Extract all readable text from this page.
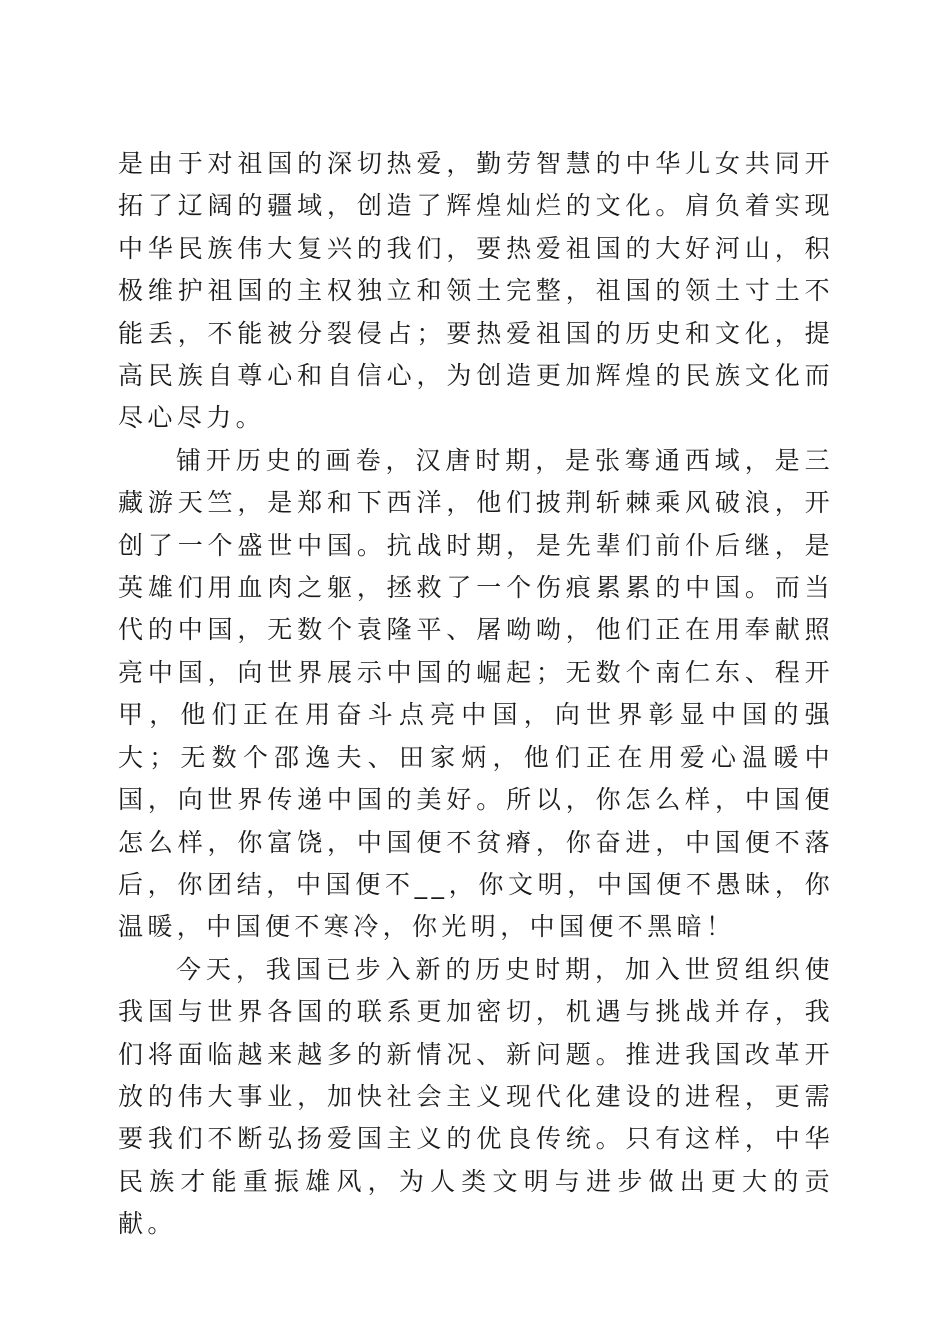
是由于对祖国的深切热爱，勤劳智慧的中华儿女共同开拓了辽阔的疆域，创造了辉煌灿烂的文化。肩负着实现中华民族伟大复兴的我们，要热爱祖国的大好河山，积极维护祖国的主权独立和领土完整，祖国的领土寸土不能丢，不能被分裂侵占；要热爱祖国的历史和文化，提高民族自尊心和自信心，为创造更加辉煌的民族文化而尽心尽力。

铺开历史的画卷，汉唐时期，是张骞通西域，是三藏游天竺，是郑和下西洋，他们披荆斩棘乘风破浪，开创了一个盛世中国。抗战时期，是先辈们前仆后继，是英雄们用血肉之躯，拯救了一个伤痕累累的中国。而当代的中国，无数个袁隆平、屠呦呦，他们正在用奉献照亮中国，向世界展示中国的崛起；无数个南仁东、程开甲，他们正在用奋斗点亮中国，向世界彰显中国的强大；无数个邵逸夫、田家炳，他们正在用爱心温暖中国，向世界传递中国的美好。所以，你怎么样，中国便怎么样，你富饶，中国便不贫瘠，你奋进，中国便不落后，你团结，中国便不__，你文明，中国便不愚昧，你温暖，中国便不寒冷，你光明，中国便不黑暗！

今天，我国已步入新的历史时期，加入世贸组织使我国与世界各国的联系更加密切，机遇与挑战并存，我们将面临越来越多的新情况、新问题。推进我国改革开放的伟大事业，加快社会主义现代化建设的进程，更需要我们不断弘扬爱国主义的优良传统。只有这样，中华民族才能重振雄风，为人类文明与进步做出更大的贡献。
